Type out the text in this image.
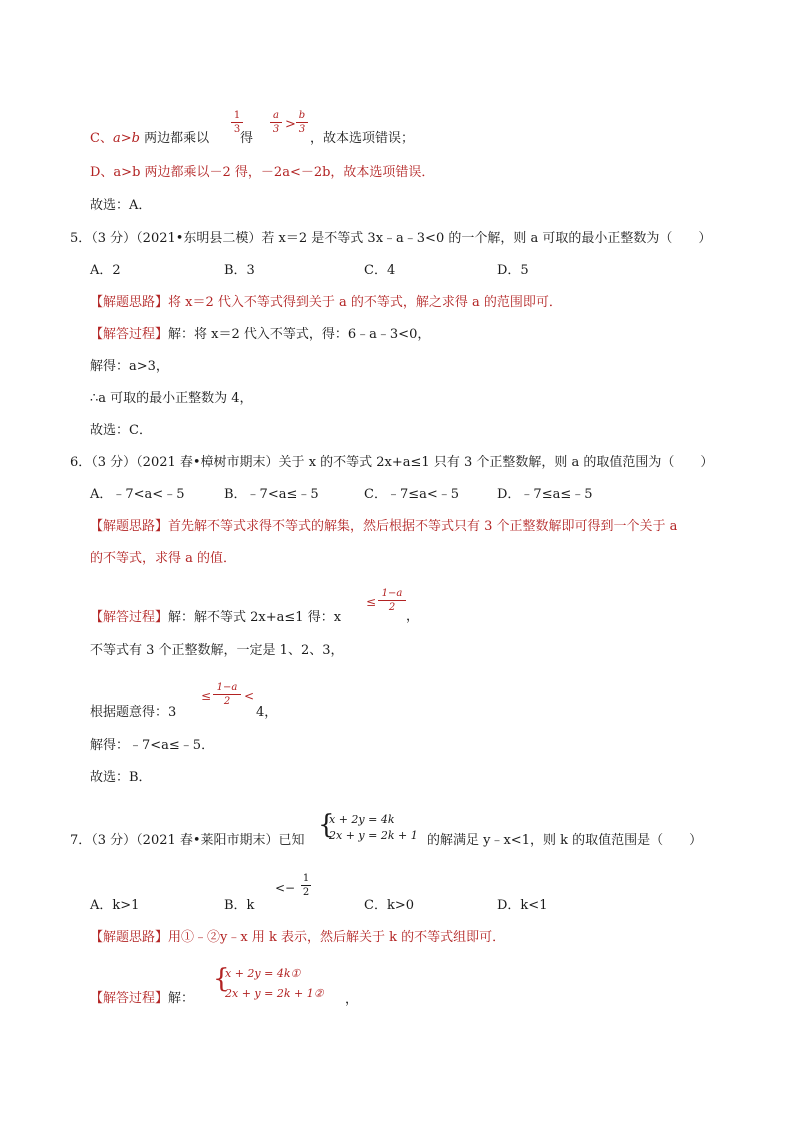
C、a>b 两边都乘以
1
3
得
a
3 >
b
3
，故本选项错误；
D、a>b 两边都乘以－2 得，－2a<－2b，故本选项错误．
故选：A．
5．（3 分）（2021•东明县二模）若 x＝2 是不等式 3x﹣a﹣3<0 的一个解，则 a 可取的最小正整数为（　　）
A．2	B．3	C．4	D．5
【解题思路】将 x＝2 代入不等式得到关于 a 的不等式，解之求得 a 的范围即可．
【解答过程】解：将 x＝2 代入不等式，得：6﹣a﹣3<0，
解得：a>3，
∴a 可取的最小正整数为 4，
故选：C．
6．（3 分）（2021 春•樟树市期末）关于 x 的不等式 2x+a≤1 只有 3 个正整数解，则 a 的取值范围为（　　）
A．﹣7<a<﹣5	B．﹣7<a≤﹣5	C．﹣7≤a<﹣5	D．﹣7≤a≤﹣5
【解题思路】首先解不等式求得不等式的解集，然后根据不等式只有 3 个正整数解即可得到一个关于 a
的不等式，求得 a 的值．
【解答过程】解：解不等式 2x+a≤1 得：x
≤
1−a
2
，
不等式有 3 个正整数解，一定是 1、2、3，
根据题意得：3
≤
1−a
2	<
4，
解得：﹣7<a≤﹣5．
故选：B．
7．（3 分）（2021 春•莱阳市期末）已知
{
x + 2y = 4k
2x + y = 2k + 1 的解满足 y﹣x<1，则 k 的取值范围是（　　）
A．k>1	B．k
<−
1
2
C．k>0	D．k<1
【解题思路】用①﹣②y﹣x 用 k 表示，然后解关于 k 的不等式组即可．
【解答过程】解：
{
x + 2y = 4k①
2x + y = 2k + 1② ，
